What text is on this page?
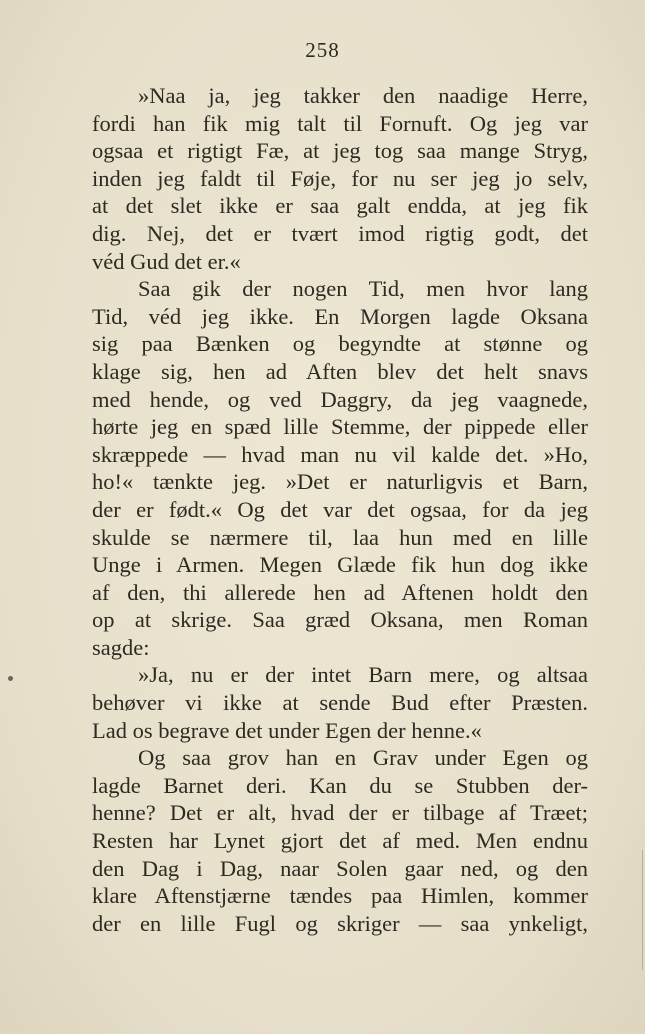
258
»Naa ja, jeg takker den naadige Herre,
fordi han fik mig talt til Fornuft. Og jeg var
ogsaa et rigtigt Fæ, at jeg tog saa mange Stryg,
inden jeg faldt til Føje, for nu ser jeg jo selv,
at det slet ikke er saa galt endda, at jeg fik
dig. Nej, det er tvært imod rigtig godt, det
véd Gud det er.«
Saa gik der nogen Tid, men hvor lang
Tid, véd jeg ikke. En Morgen lagde Oksana
sig paa Bænken og begyndte at stønne og
klage sig, hen ad Aften blev det helt snavs
med hende, og ved Daggry, da jeg vaagnede,
hørte jeg en spæd lille Stemme, der pippede eller
skræppede — hvad man nu vil kalde det. »Ho,
ho!« tænkte jeg. »Det er naturligvis et Barn,
der er født.« Og det var det ogsaa, for da jeg
skulde se nærmere til, laa hun med en lille
Unge i Armen. Megen Glæde fik hun dog ikke
af den, thi allerede hen ad Aftenen holdt den
op at skrige. Saa græd Oksana, men Roman
sagde:
»Ja, nu er der intet Barn mere, og altsaa
behøver vi ikke at sende Bud efter Præsten.
Lad os begrave det under Egen der henne.«
Og saa grov han en Grav under Egen og
lagde Barnet deri. Kan du se Stubben der-
henne? Det er alt, hvad der er tilbage af Træet;
Resten har Lynet gjort det af med. Men endnu
den Dag i Dag, naar Solen gaar ned, og den
klare Aftenstjærne tændes paa Himlen, kommer
der en lille Fugl og skriger — saa ynkeligt,
